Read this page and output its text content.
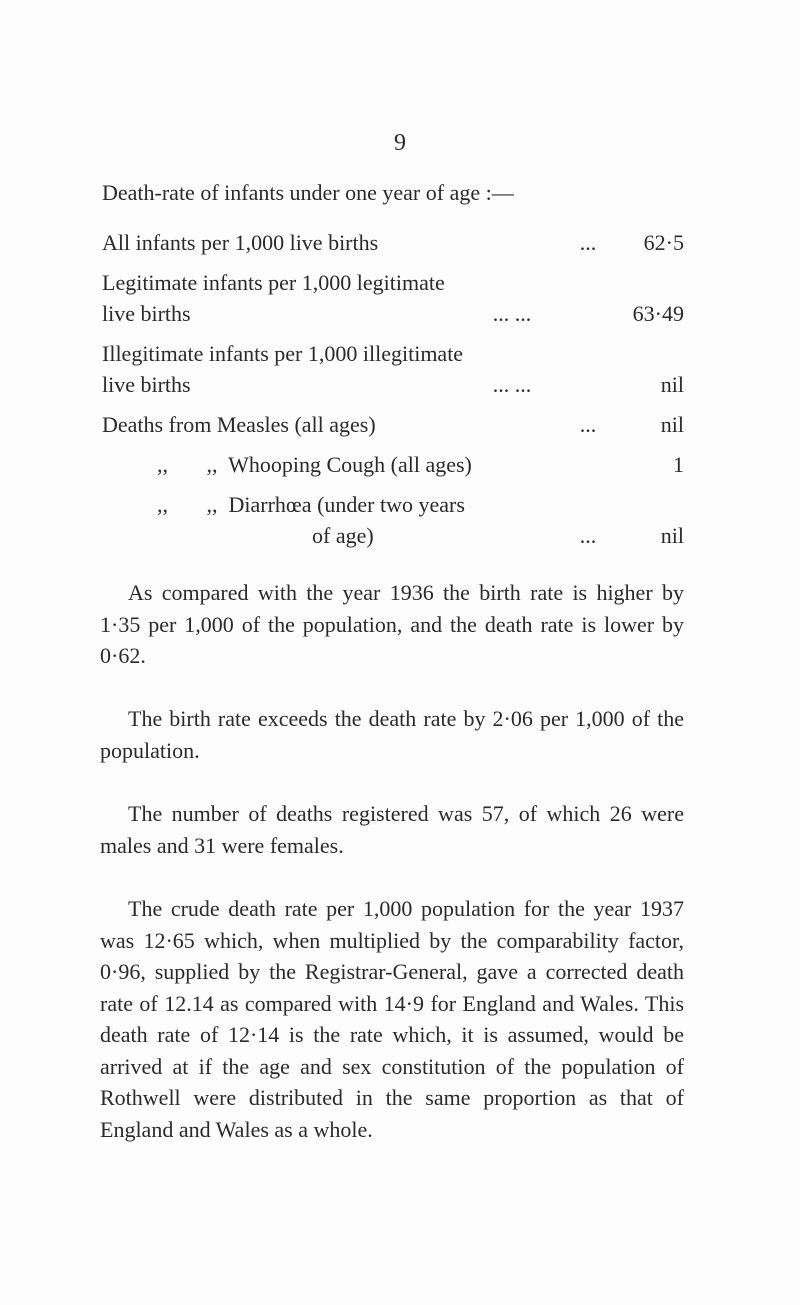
9
Death-rate of infants under one year of age :—
All infants per 1,000 live births	...	62·5
Legitimate infants per 1,000 legitimate
live births	... ...	63·49
Illegitimate infants per 1,000 illegitimate
live births	... ...	nil
Deaths from Measles (all ages)	...	nil
,,       ,,  Whooping Cough (all ages)	1
,,       ,,  Diarrhœa (under two years
of age)	...	nil

As compared with the year 1936 the birth rate is higher by 1·35 per 1,000 of the population, and the death rate is lower by 0·62.

The birth rate exceeds the death rate by 2·06 per 1,000 of the population.

The number of deaths registered was 57, of which 26 were males and 31 were females.

The crude death rate per 1,000 population for the year 1937 was 12·65 which, when multiplied by the comparability factor, 0·96, supplied by the Registrar-General, gave a corrected death rate of 12.14 as compared with 14·9 for England and Wales. This death rate of 12·14 is the rate which, it is assumed, would be arrived at if the age and sex constitution of the population of Rothwell were distributed in the same proportion as that of England and Wales as a whole.
